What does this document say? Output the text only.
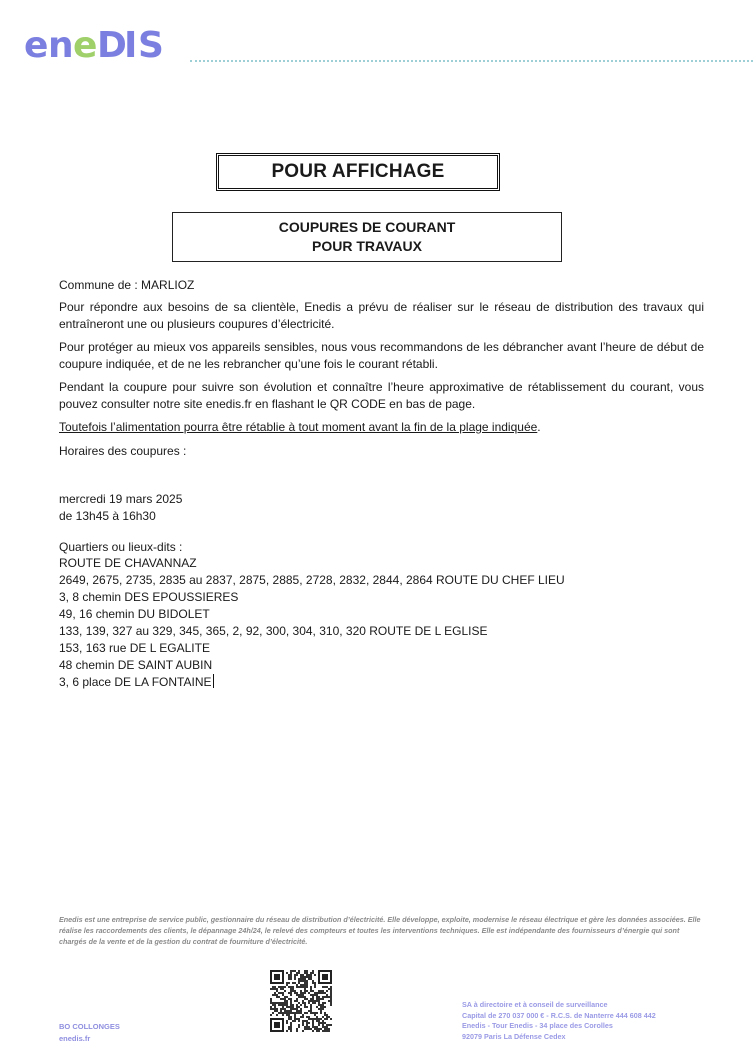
e
n
e
D
I S
POUR AFFICHAGE
COUPURES DE COURANT
POUR TRAVAUX
Commune de : MARLIOZ

Pour répondre aux besoins de sa clientèle, Enedis a prévu de réaliser sur le réseau de distribution des travaux qui entraîneront une ou plusieurs coupures d’électricité.

Pour protéger au mieux vos appareils sensibles, nous vous recommandons de les débrancher avant l’heure de début de coupure indiquée, et de ne les rebrancher qu’une fois le courant rétabli.

Pendant la coupure pour suivre son évolution et connaître l’heure approximative de rétablissement du courant, vous pouvez consulter notre site enedis.fr en flashant le QR CODE en bas de page.

Toutefois l’alimentation pourra être rétablie à tout moment avant la fin de la plage indiquée.
Horaires des coupures :
mercredi 19 mars 2025
de 13h45 à 16h30
Quartiers ou lieux-dits :
ROUTE DE CHAVANNAZ
2649, 2675, 2735, 2835 au 2837, 2875, 2885, 2728, 2832, 2844, 2864 ROUTE DU CHEF LIEU
3, 8 chemin DES EPOUSSIERES
49, 16 chemin DU BIDOLET
133, 139, 327 au 329, 345, 365, 2, 92, 300, 304, 310, 320 ROUTE DE L EGLISE
153, 163 rue DE L EGALITE
48 chemin DE SAINT AUBIN
3, 6 place DE LA FONTAINE
Enedis est une entreprise de service public, gestionnaire du réseau de distribution d’électricité. Elle développe, exploite, modernise le réseau électrique et gère les données associées. Elle réalise les raccordements des clients, le dépannage 24h/24, le relevé des compteurs et toutes les interventions techniques. Elle est indépendante des fournisseurs d’énergie qui sont chargés de la vente et de la gestion du contrat de fourniture d’électricité.
BO COLLONGES
enedis.fr
SA à directoire et à conseil de surveillance
Capital de 270 037 000 € - R.C.S. de Nanterre 444 608 442
Enedis - Tour Enedis - 34 place des Corolles
92079 Paris La Défense Cedex
